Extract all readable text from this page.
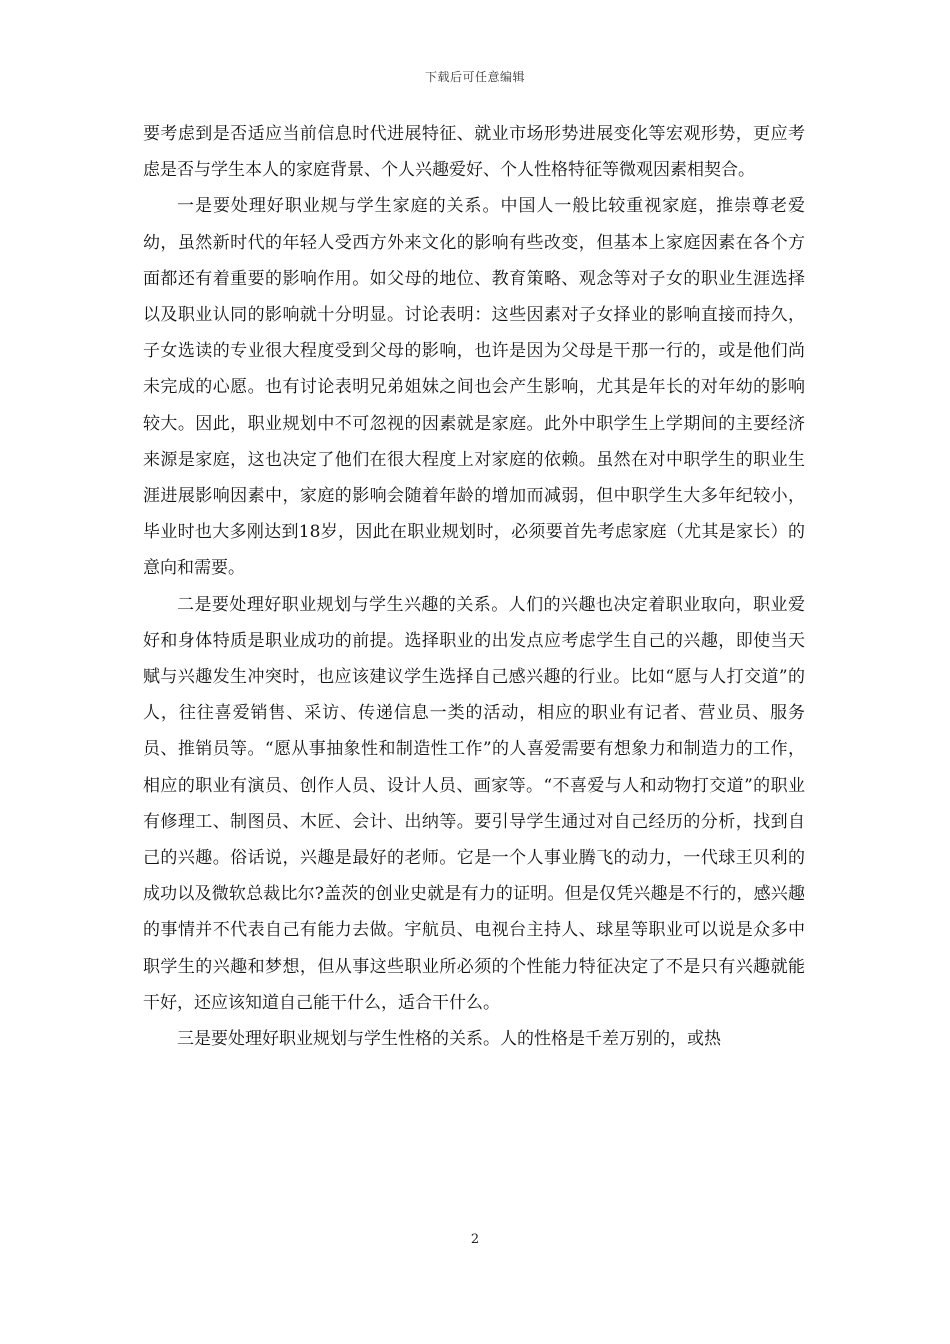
下载后可任意编辑

要考虑到是否适应当前信息时代进展特征、就业市场形势进展变化等宏观形势，更应考虑是否与学生本人的家庭背景、个人兴趣爱好、个人性格特征等微观因素相契合。

一是要处理好职业规与学生家庭的关系。中国人一般比较重视家庭，推崇尊老爱幼，虽然新时代的年轻人受西方外来文化的影响有些改变，但基本上家庭因素在各个方面都还有着重要的影响作用。如父母的地位、教育策略、观念等对子女的职业生涯选择以及职业认同的影响就十分明显。讨论表明：这些因素对子女择业的影响直接而持久，子女选读的专业很大程度受到父母的影响，也许是因为父母是干那一行的，或是他们尚未完成的心愿。也有讨论表明兄弟姐妹之间也会产生影响，尤其是年长的对年幼的影响较大。因此，职业规划中不可忽视的因素就是家庭。此外中职学生上学期间的主要经济来源是家庭，这也决定了他们在很大程度上对家庭的依赖。虽然在对中职学生的职业生涯进展影响因素中，家庭的影响会随着年龄的增加而减弱，但中职学生大多年纪较小，毕业时也大多刚达到18岁，因此在职业规划时，必须要首先考虑家庭（尤其是家长）的意向和需要。

二是要处理好职业规划与学生兴趣的关系。人们的兴趣也决定着职业取向，职业爱好和身体特质是职业成功的前提。选择职业的出发点应考虑学生自己的兴趣，即使当天赋与兴趣发生冲突时，也应该建议学生选择自己感兴趣的行业。比如“愿与人打交道”的人，往往喜爱销售、采访、传递信息一类的活动，相应的职业有记者、营业员、服务员、推销员等。“愿从事抽象性和制造性工作”的人喜爱需要有想象力和制造力的工作，相应的职业有演员、创作人员、设计人员、画家等。“不喜爱与人和动物打交道”的职业有修理工、制图员、木匠、会计、出纳等。要引导学生通过对自己经历的分析，找到自己的兴趣。俗话说，兴趣是最好的老师。它是一个人事业腾飞的动力，一代球王贝利的成功以及微软总裁比尔?盖茨的创业史就是有力的证明。但是仅凭兴趣是不行的，感兴趣的事情并不代表自己有能力去做。宇航员、电视台主持人、球星等职业可以说是众多中职学生的兴趣和梦想，但从事这些职业所必须的个性能力特征决定了不是只有兴趣就能干好，还应该知道自己能干什么，适合干什么。

三是要处理好职业规划与学生性格的关系。人的性格是千差万别的，或热

2
